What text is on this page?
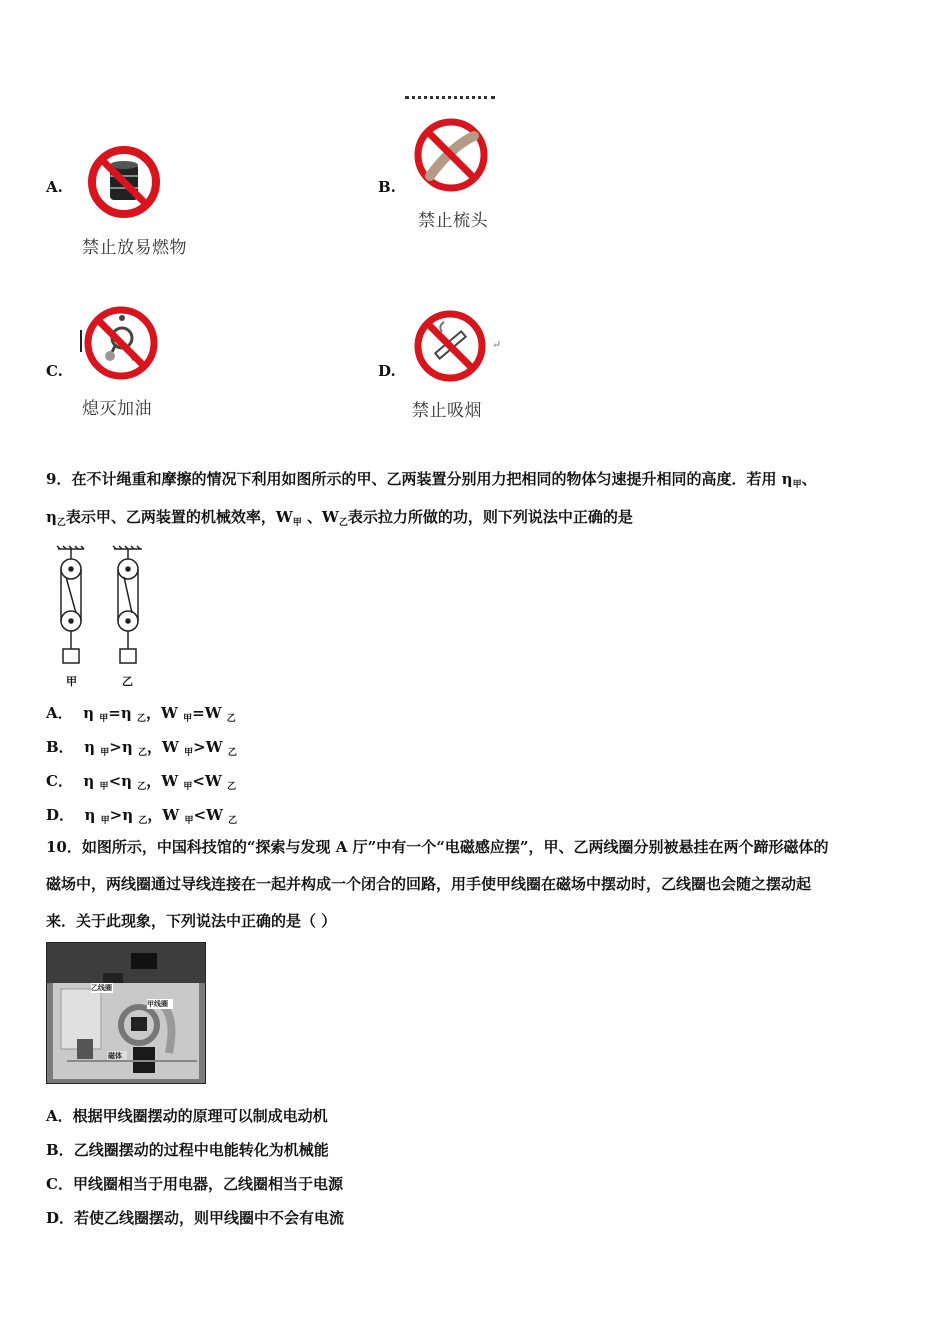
A.
禁止放易燃物
B.
禁止梳头
C.
熄灭加油
D.
↵
禁止吸烟
9．在不计绳重和摩擦的情况下利用如图所示的甲、乙两装置分别用力把相同的物体匀速提升相同的高度．若用 $\eta_甲$、
$\eta_乙$表示甲、乙两装置的机械效率，$W_甲$ 、$W_乙$表示拉力所做的功，则下列说法中正确的是
甲	乙
A． η $_甲$=η $_乙$，W $_甲$=W $_乙$
B． η $_甲$>η $_乙$，W $_甲$>W $_乙$
C． η $_甲$<η $_乙$，W $_甲$<W $_乙$
D． η $_甲$>η $_乙$，W $_甲$<W $_乙$
10．如图所示，中国科技馆的“探索与发现 A 厅”中有一个“电磁感应摆”，甲、乙两线圈分别被悬挂在两个蹄形磁体的
磁场中，两线圈通过导线连接在一起并构成一个闭合的回路，用手使甲线圈在磁场中摆动时，乙线圈也会随之摆动起
来．关于此现象，下列说法中正确的是（ ）
乙线圈
甲线圈
磁体
A．根据甲线圈摆动的原理可以制成电动机
B．乙线圈摆动的过程中电能转化为机械能
C．甲线圈相当于用电器，乙线圈相当于电源
D．若使乙线圈摆动，则甲线圈中不会有电流
